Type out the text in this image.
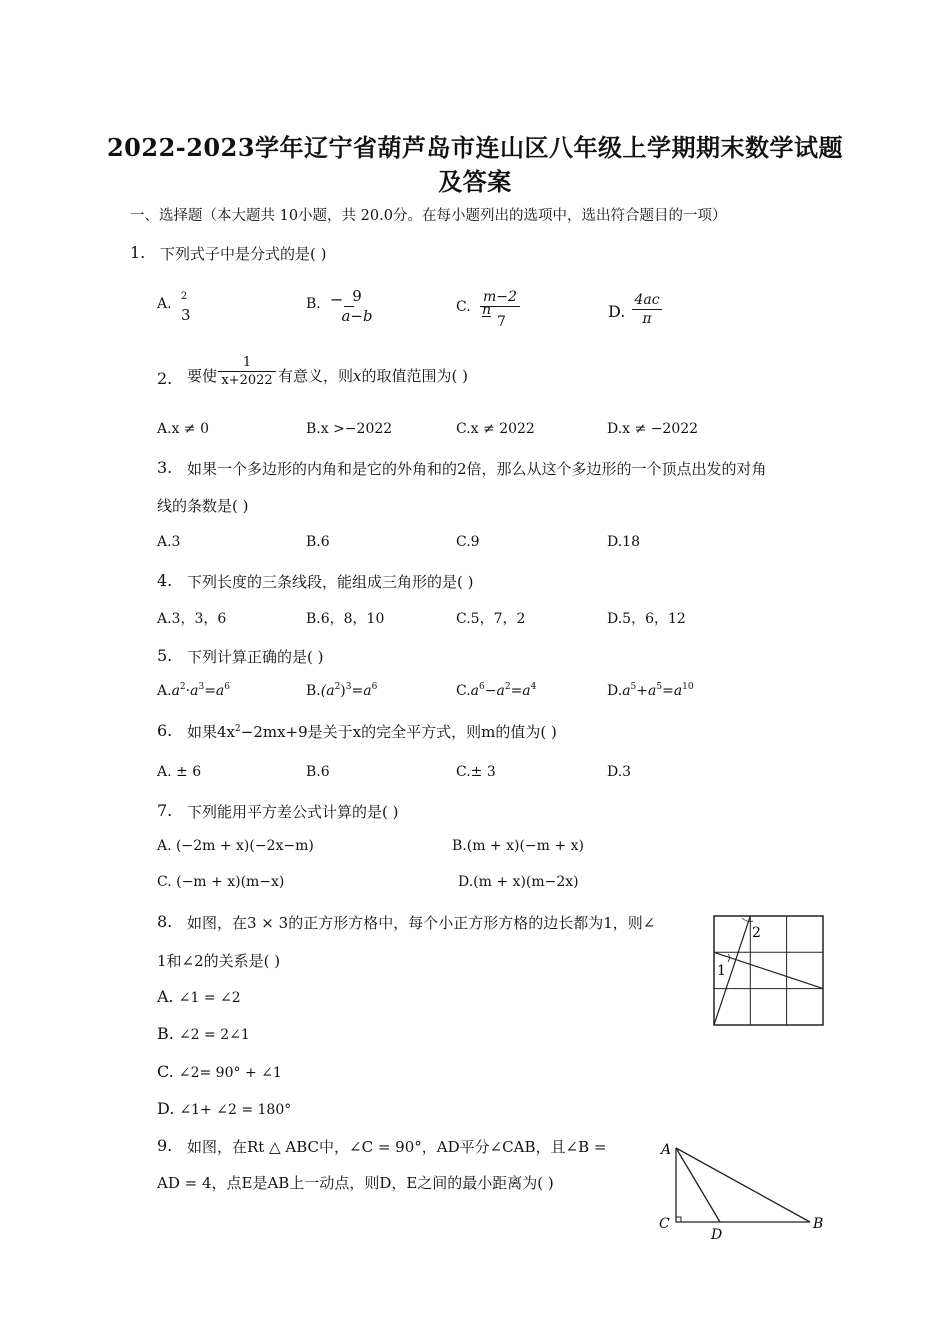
2022-2023学年辽宁省葫芦岛市连山区八年级上学期期末数学试题
及答案
一、选择题（本大题共 10小题，共 20.0分。在每小题列出的选项中，选出符合题目的一项）
1. 下列式子中是分式的是( )
A. 2
3
B. − 9
a−b	C.
m−2
n
7
D.
4ac
π
2. 要使
1
x+2022 有意义，则x的取值范围为( )
A.x ≠ 0	B.x >−2022	C.x ≠ 2022	D.x ≠ −2022
3. 如果一个多边形的内角和是它的外角和的2倍，那么从这个多边形的一个顶点出发的对角
线的条数是( )
A.3	B.6	C.9	D.18
4. 下列长度的三条线段，能组成三角形的是( )
A.3，3，6	B.6，8，10	C.5，7，2	D.5，6，12
5. 下列计算正确的是( )
$A.a^2\cdot a^3=a^6$	$B.(a^2)^3=a^6$	$C.a^6-a^2=a^4$	$D.a^5+a^5=a^{10}$
6. 如果$4x^2-2mx+9$是关于x的完全平方式，则m的值为( )
A. ± 6	B.6	C.± 3	D.3
7. 下列能用平方差公式计算的是( )
A. (−2m + x)(−2x−m)	B.(m + x)(−m + x)
C. (−m + x)(m−x)	D.(m + x)(m−2x)
8. 如图，在3 × 3的正方形方格中，每个小正方形方格的边长都为1，则∠
1和∠2的关系是( )
A. ∠1 = ∠2
B. ∠2 = 2∠1
C. ∠2= 90° + ∠1
D. ∠1+ ∠2 = 180°
2
1
9. 如图，在Rt △ ABC中，∠C = 90°，AD平分∠CAB，且∠B =
AD = 4，点E是AB上一动点，则D，E之间的最小距离为( )
A
C
D
B
